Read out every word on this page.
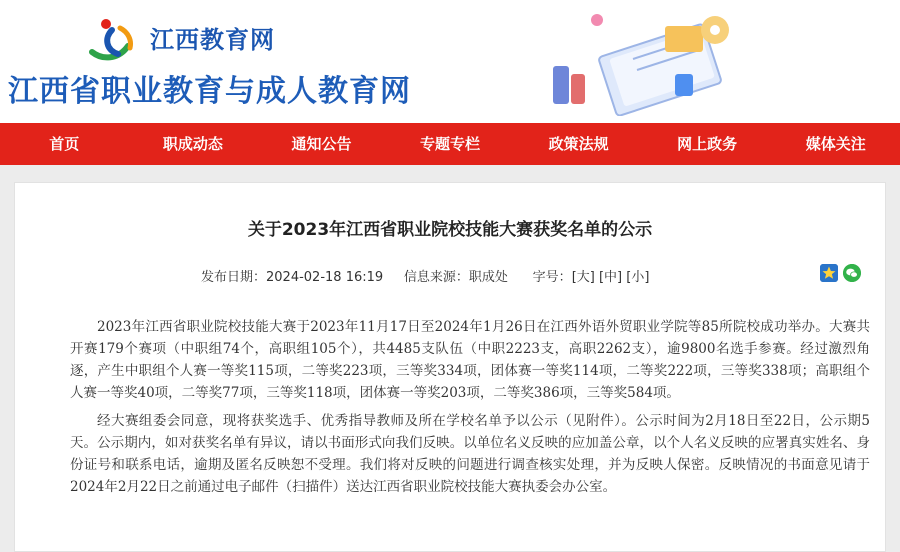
江西教育网
江西省职业教育与成人教育网
首页	职成动态	通知公告	专题专栏	政策法规	网上政务	媒体关注
关于2023年江西省职业院校技能大赛获奖名单的公示
发布日期：2024-02-18 16:19 信息来源：职成处 字号：[大] [中] [小]

2023年江西省职业院校技能大赛于2023年11月17日至2024年1月26日在江西外语外贸职业学院等85所院校成功举办。大赛共开赛179个赛项（中职组74个，高职组105个），共4485支队伍（中职2223支，高职2262支），逾9800名选手参赛。经过激烈角逐，产生中职组个人赛一等奖115项，二等奖223项，三等奖334项，团体赛一等奖114项，二等奖222项，三等奖338项；高职组个人赛一等奖40项，二等奖77项，三等奖118项，团体赛一等奖203项，二等奖386项，三等奖584项。

经大赛组委会同意，现将获奖选手、优秀指导教师及所在学校名单予以公示（见附件）。公示时间为2月18日至22日，公示期5天。公示期内，如对获奖名单有异议，请以书面形式向我们反映。以单位名义反映的应加盖公章，以个人名义反映的应署真实姓名、身份证号和联系电话，逾期及匿名反映恕不受理。我们将对反映的问题进行调查核实处理，并为反映人保密。反映情况的书面意见请于2024年2月22日之前通过电子邮件（扫描件）送达江西省职业院校技能大赛执委会办公室。
